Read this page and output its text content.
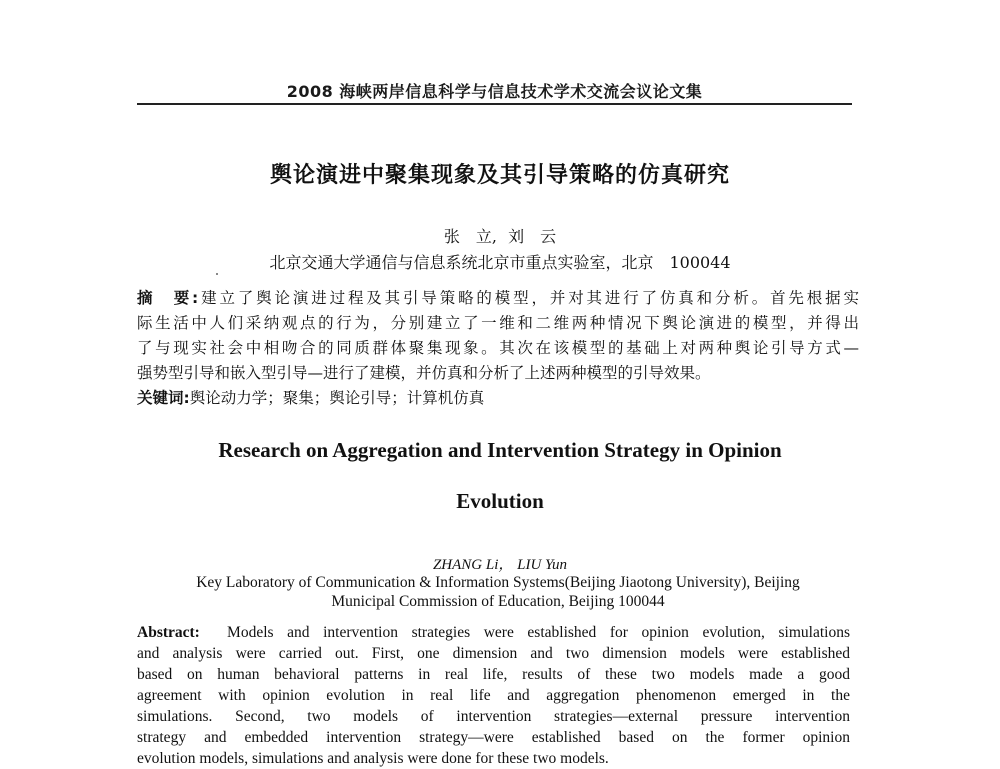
2008 海峡两岸信息科学与信息技术学术交流会议论文集
舆论演进中聚集现象及其引导策略的仿真研究
张　立, 刘　云
北京交通大学通信与信息系统北京市重点实验室，北京　100044
摘　要:建立了舆论演进过程及其引导策略的模型，并对其进行了仿真和分析。首先根据实
际生活中人们采纳观点的行为，分别建立了一维和二维两种情况下舆论演进的模型，并得出
了与现实社会中相吻合的同质群体聚集现象。其次在该模型的基础上对两种舆论引导方式—
强势型引导和嵌入型引导—进行了建模，并仿真和分析了上述两种模型的引导效果。
关键词:舆论动力学；聚集；舆论引导；计算机仿真
Research on Aggregation and Intervention Strategy in Opinion
Evolution
ZHANG Li， LIU Yun
Key Laboratory of Communication & Information Systems(Beijing Jiaotong University), Beijing
Municipal Commission of Education, Beijing 100044
Abstract: Models and intervention strategies were established for opinion evolution, simulations
and analysis were carried out. First, one dimension and two dimension models were established
based on human behavioral patterns in real life, results of these two models made a good
agreement with opinion evolution in real life and aggregation phenomenon emerged in the
simulations. Second, two models of intervention strategies—external pressure intervention
strategy and embedded intervention strategy—were established based on the former opinion
evolution models, simulations and analysis were done for these two models.
